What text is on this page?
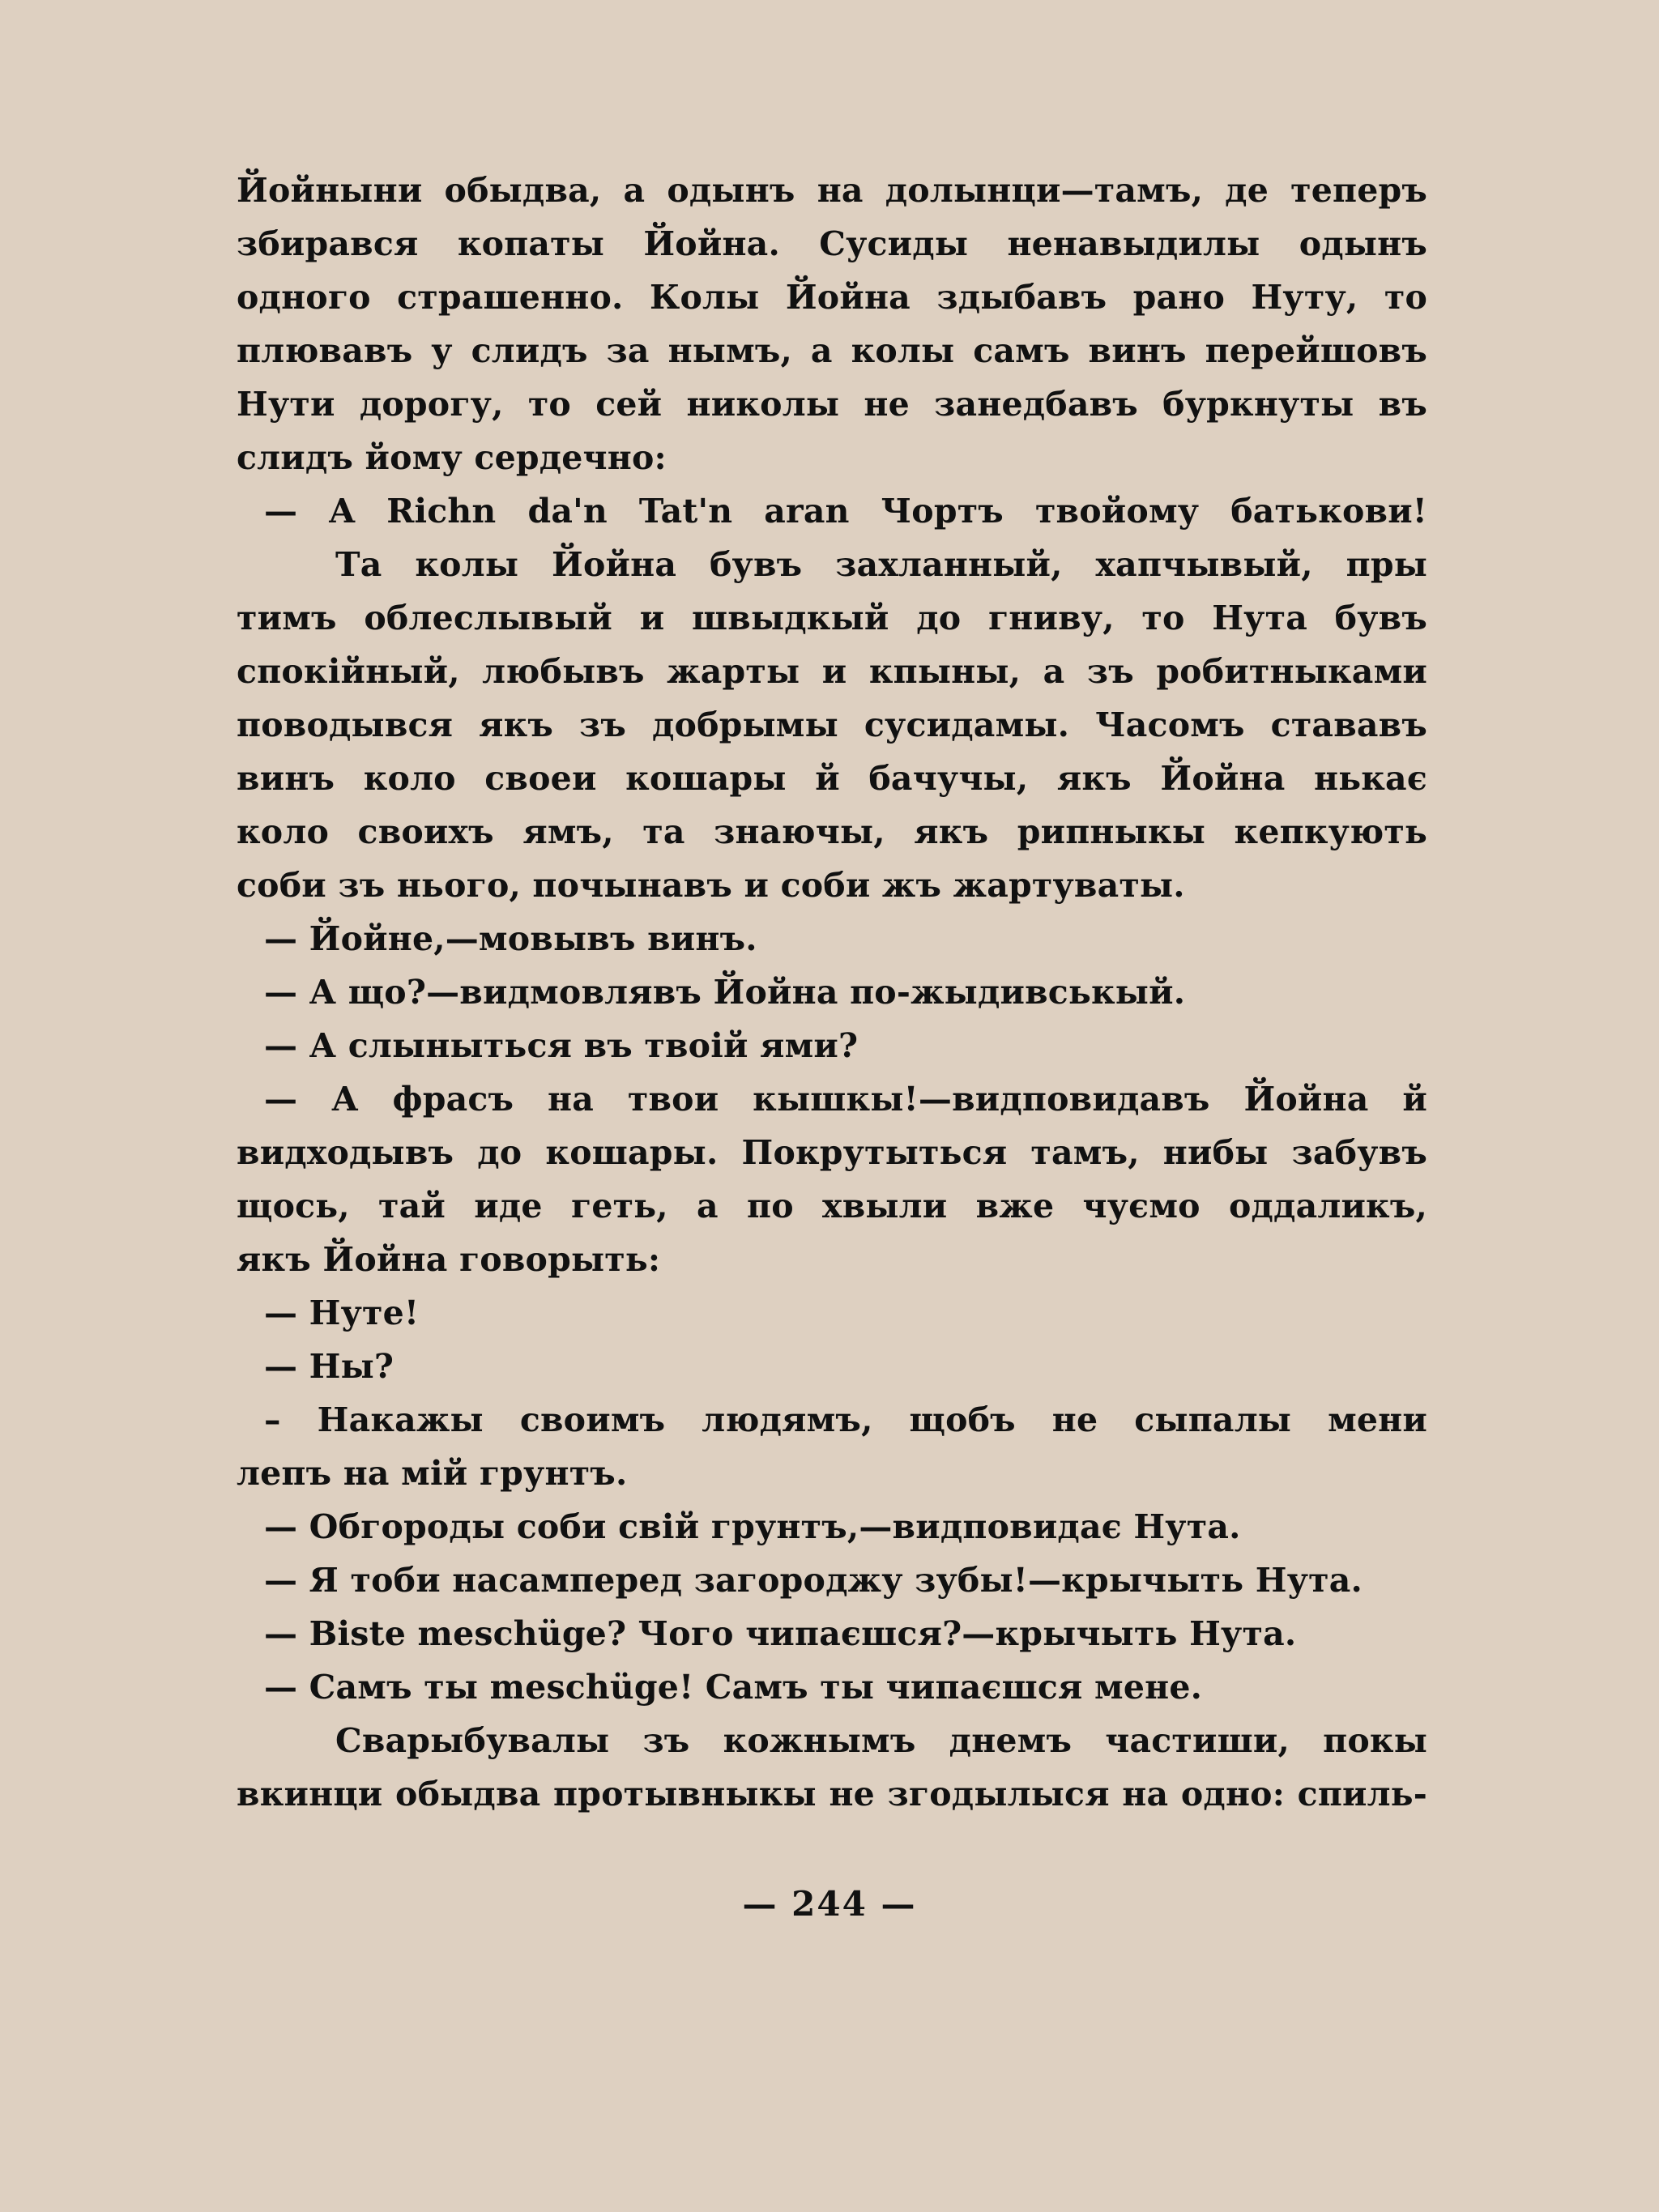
Йойныни обыдва, а одынъ на долынци—тамъ, де теперъ
збирався копаты Йойна. Сусиды ненавыдилы одынъ
одного страшенно. Колы Йойна здыбавъ рано Нуту, то
плювавъ у слидъ за нымъ, а колы самъ винъ перейшовъ
Нути дорогу, то сей николы не занедбавъ буркнуты въ
слидъ йому сердечно:
— A Richn da'n Tat'n aran Чортъ твойому батькови!
Та колы Йойна бувъ захланный, хапчывый, пры
тимъ облеслывый и швыдкый до гниву, то Нута бувъ
спокійный, любывъ жарты и кпыны, а зъ робитныками
поводывся якъ зъ добрымы сусидамы. Часомъ стававъ
винъ коло своеи кошары й бачучы, якъ Йойна нькає
коло своихъ ямъ, та знаючы, якъ рипныкы кепкують
соби зъ нього, почынавъ и соби жъ жартуваты.
— Йойне,—мовывъ винъ.
— А що?—видмовлявъ Йойна по-жыдивськый.
— А слыныться въ твоій ями?
— А фрасъ на твои кышкы!—видповидавъ Йойна й
видходывъ до кошары. Покрутыться тамъ, нибы забувъ
щось, тай иде геть, а по хвыли вже чуємо оддаликъ,
якъ Йойна говорыть:
— Нуте!
— Ны?
– Накажы своимъ людямъ, щобъ не сыпалы мени
лепъ на мій грунтъ.
— Обгороды соби свій грунтъ,—видповидає Нута.
— Я тоби насамперед загороджу зубы!—крычыть Нута.
— Biste meschüge? Чого чипаєшся?—крычыть Нута.
— Самъ ты meschüge! Самъ ты чипаєшся мене.
Сварыбувалы зъ кожнымъ днемъ частиши, покы
вкинци обыдва протывныкы не згодылыся на одно: спиль-
— 244 —
